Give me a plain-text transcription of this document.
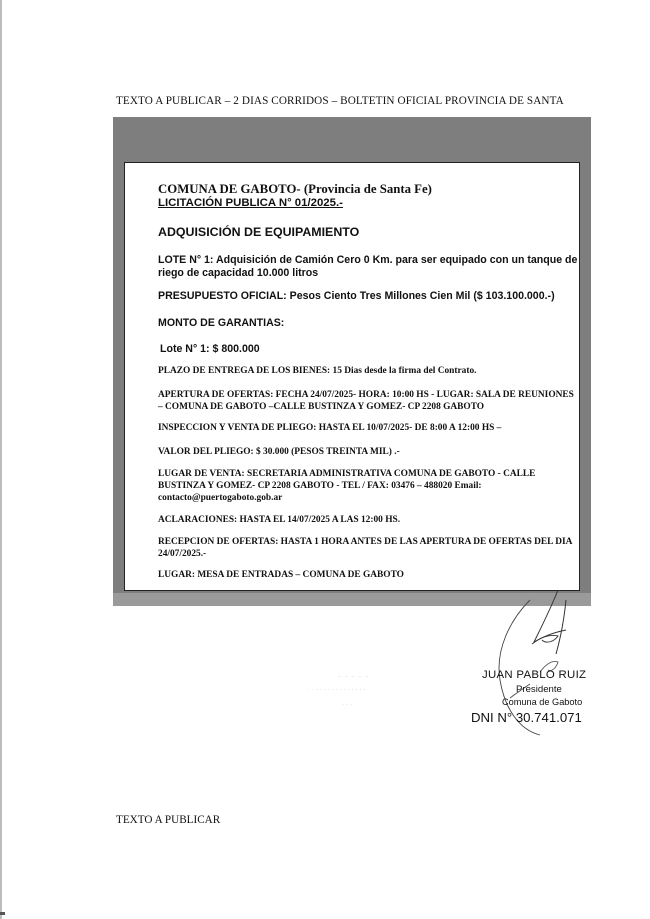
TEXTO A PUBLICAR – 2 DIAS CORRIDOS – BOLTETIN OFICIAL PROVINCIA DE SANTA
COMUNA DE GABOTO- (Provincia de Santa Fe)
LICITACIÓN PUBLICA N° 01/2025.-
ADQUISICIÓN DE EQUIPAMIENTO
LOTE N° 1: Adquisición de Camión Cero 0 Km. para ser equipado con un tanque de riego de capacidad 10.000 litros
PRESUPUESTO OFICIAL: Pesos Ciento Tres Millones Cien Mil ($ 103.100.000.-)
MONTO DE GARANTIAS:
Lote N° 1: $ 800.000
PLAZO DE ENTREGA DE LOS BIENES: 15 Dias desde la firma del Contrato.
APERTURA DE OFERTAS: FECHA 24/07/2025- HORA: 10:00 HS - LUGAR: SALA DE REUNIONES – COMUNA DE GABOTO –CALLE BUSTINZA Y GOMEZ- CP 2208 GABOTO
INSPECCION Y VENTA DE PLIEGO: HASTA EL 10/07/2025- DE 8:00 A 12:00 HS –
VALOR DEL PLIEGO: $ 30.000 (PESOS TREINTA MIL) .-
LUGAR DE VENTA: SECRETARIA ADMINISTRATIVA COMUNA DE GABOTO - CALLE BUSTINZA Y GOMEZ- CP 2208 GABOTO - TEL / FAX: 03476 – 488020 Email: contacto@puertogaboto.gob.ar
ACLARACIONES: HASTA EL 14/07/2025 A LAS 12:00 HS.
RECEPCION DE OFERTAS: HASTA 1 HORA ANTES DE LAS APERTURA DE OFERTAS DEL DIA 24/07/2025.-
LUGAR: MESA DE ENTRADAS – COMUNA DE GABOTO
· · · · ·
· · · · · · · · · · · · · · ·
· · ·
JUAN PABLO RUIZ
Presidente
Comuna de Gaboto
DNI N° 30.741.071
TEXTO A PUBLICAR
